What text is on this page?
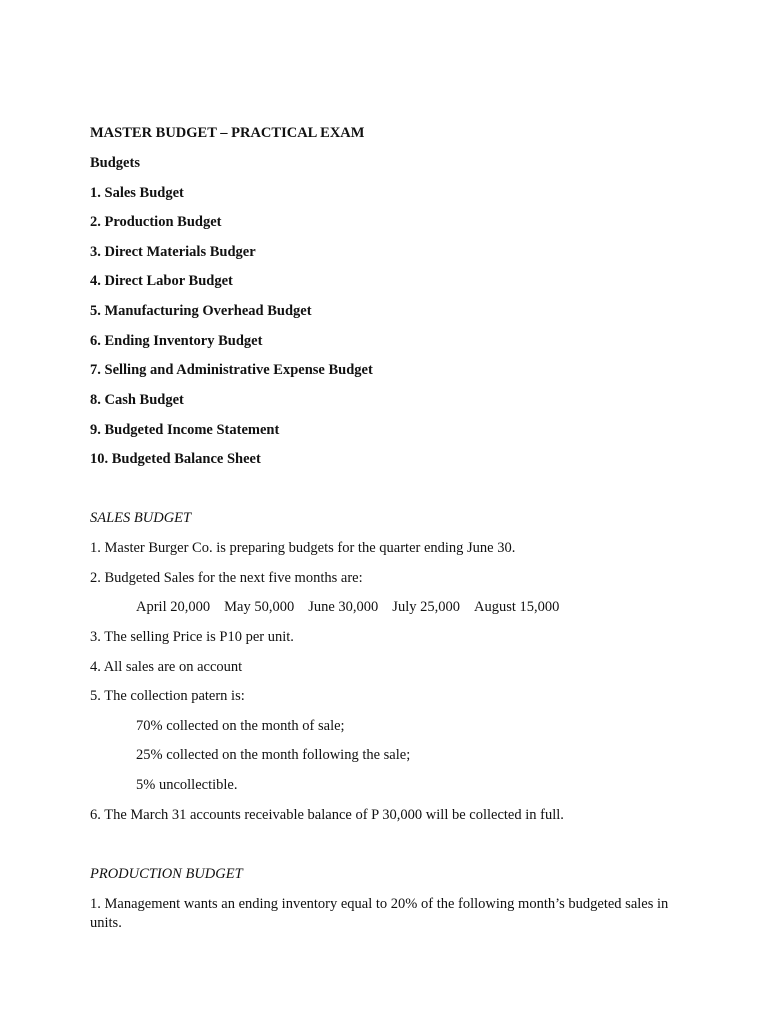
MASTER BUDGET – PRACTICAL EXAM
Budgets
1. Sales Budget
2. Production Budget
3. Direct Materials Budger
4. Direct Labor Budget
5. Manufacturing Overhead Budget
6. Ending Inventory Budget
7. Selling and Administrative Expense Budget
8. Cash Budget
9. Budgeted Income Statement
10. Budgeted Balance Sheet
SALES BUDGET
1. Master Burger Co. is preparing budgets for the quarter ending June 30.
2. Budgeted Sales for the next five months are:
April 20,000 May 50,000 June 30,000 July 25,000 August 15,000
3. The selling Price is P10 per unit.
4. All sales are on account
5. The collection patern is:
70% collected on the month of sale;
25% collected on the month following the sale;
5% uncollectible.
6. The March 31 accounts receivable balance of P 30,000 will be collected in full.
PRODUCTION BUDGET
1. Management wants an ending inventory equal to 20% of the following month’s budgeted sales in units.
